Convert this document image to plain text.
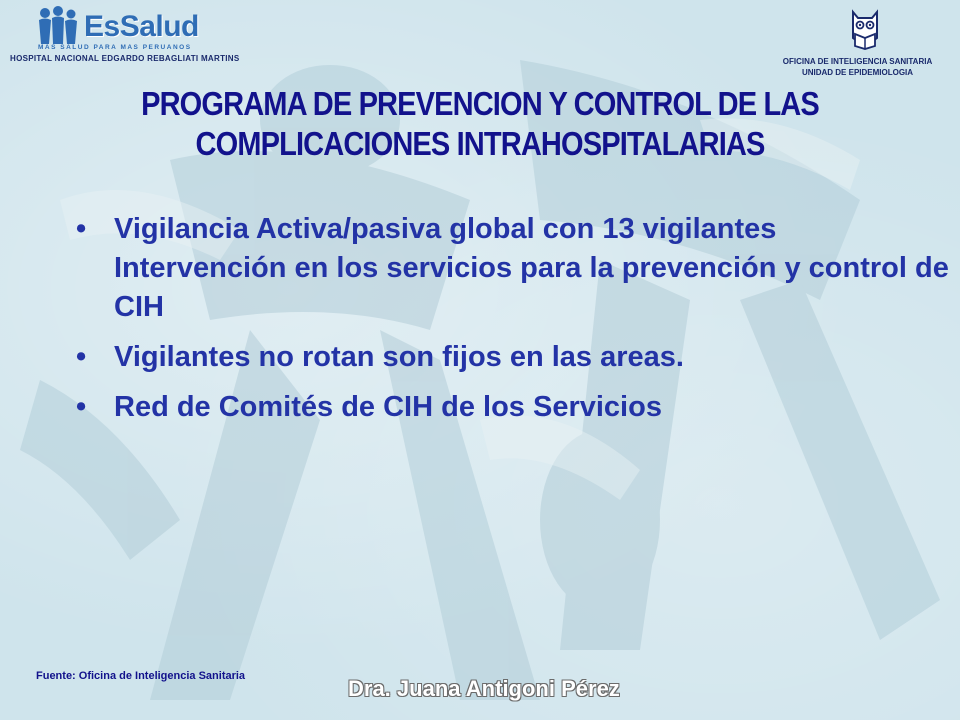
EsSalud
MAS SALUD PARA MAS PERUANOS
HOSPITAL NACIONAL EDGARDO REBAGLIATI MARTINS	OFICINA DE INTELIGENCIA SANITARIA
UNIDAD DE EPIDEMIOLOGIA
PROGRAMA DE PREVENCION Y CONTROL DE LAS
COMPLICACIONES INTRAHOSPITALARIAS
• Vigilancia Activa/pasiva global con 13 vigilantes Intervención en los servicios para la prevención y control de CIH
• Vigilantes no rotan son fijos en las areas.
• Red de Comités de CIH de los Servicios
Fuente: Oficina de Inteligencia Sanitaria	Dra. Juana Antigoni Pérez
